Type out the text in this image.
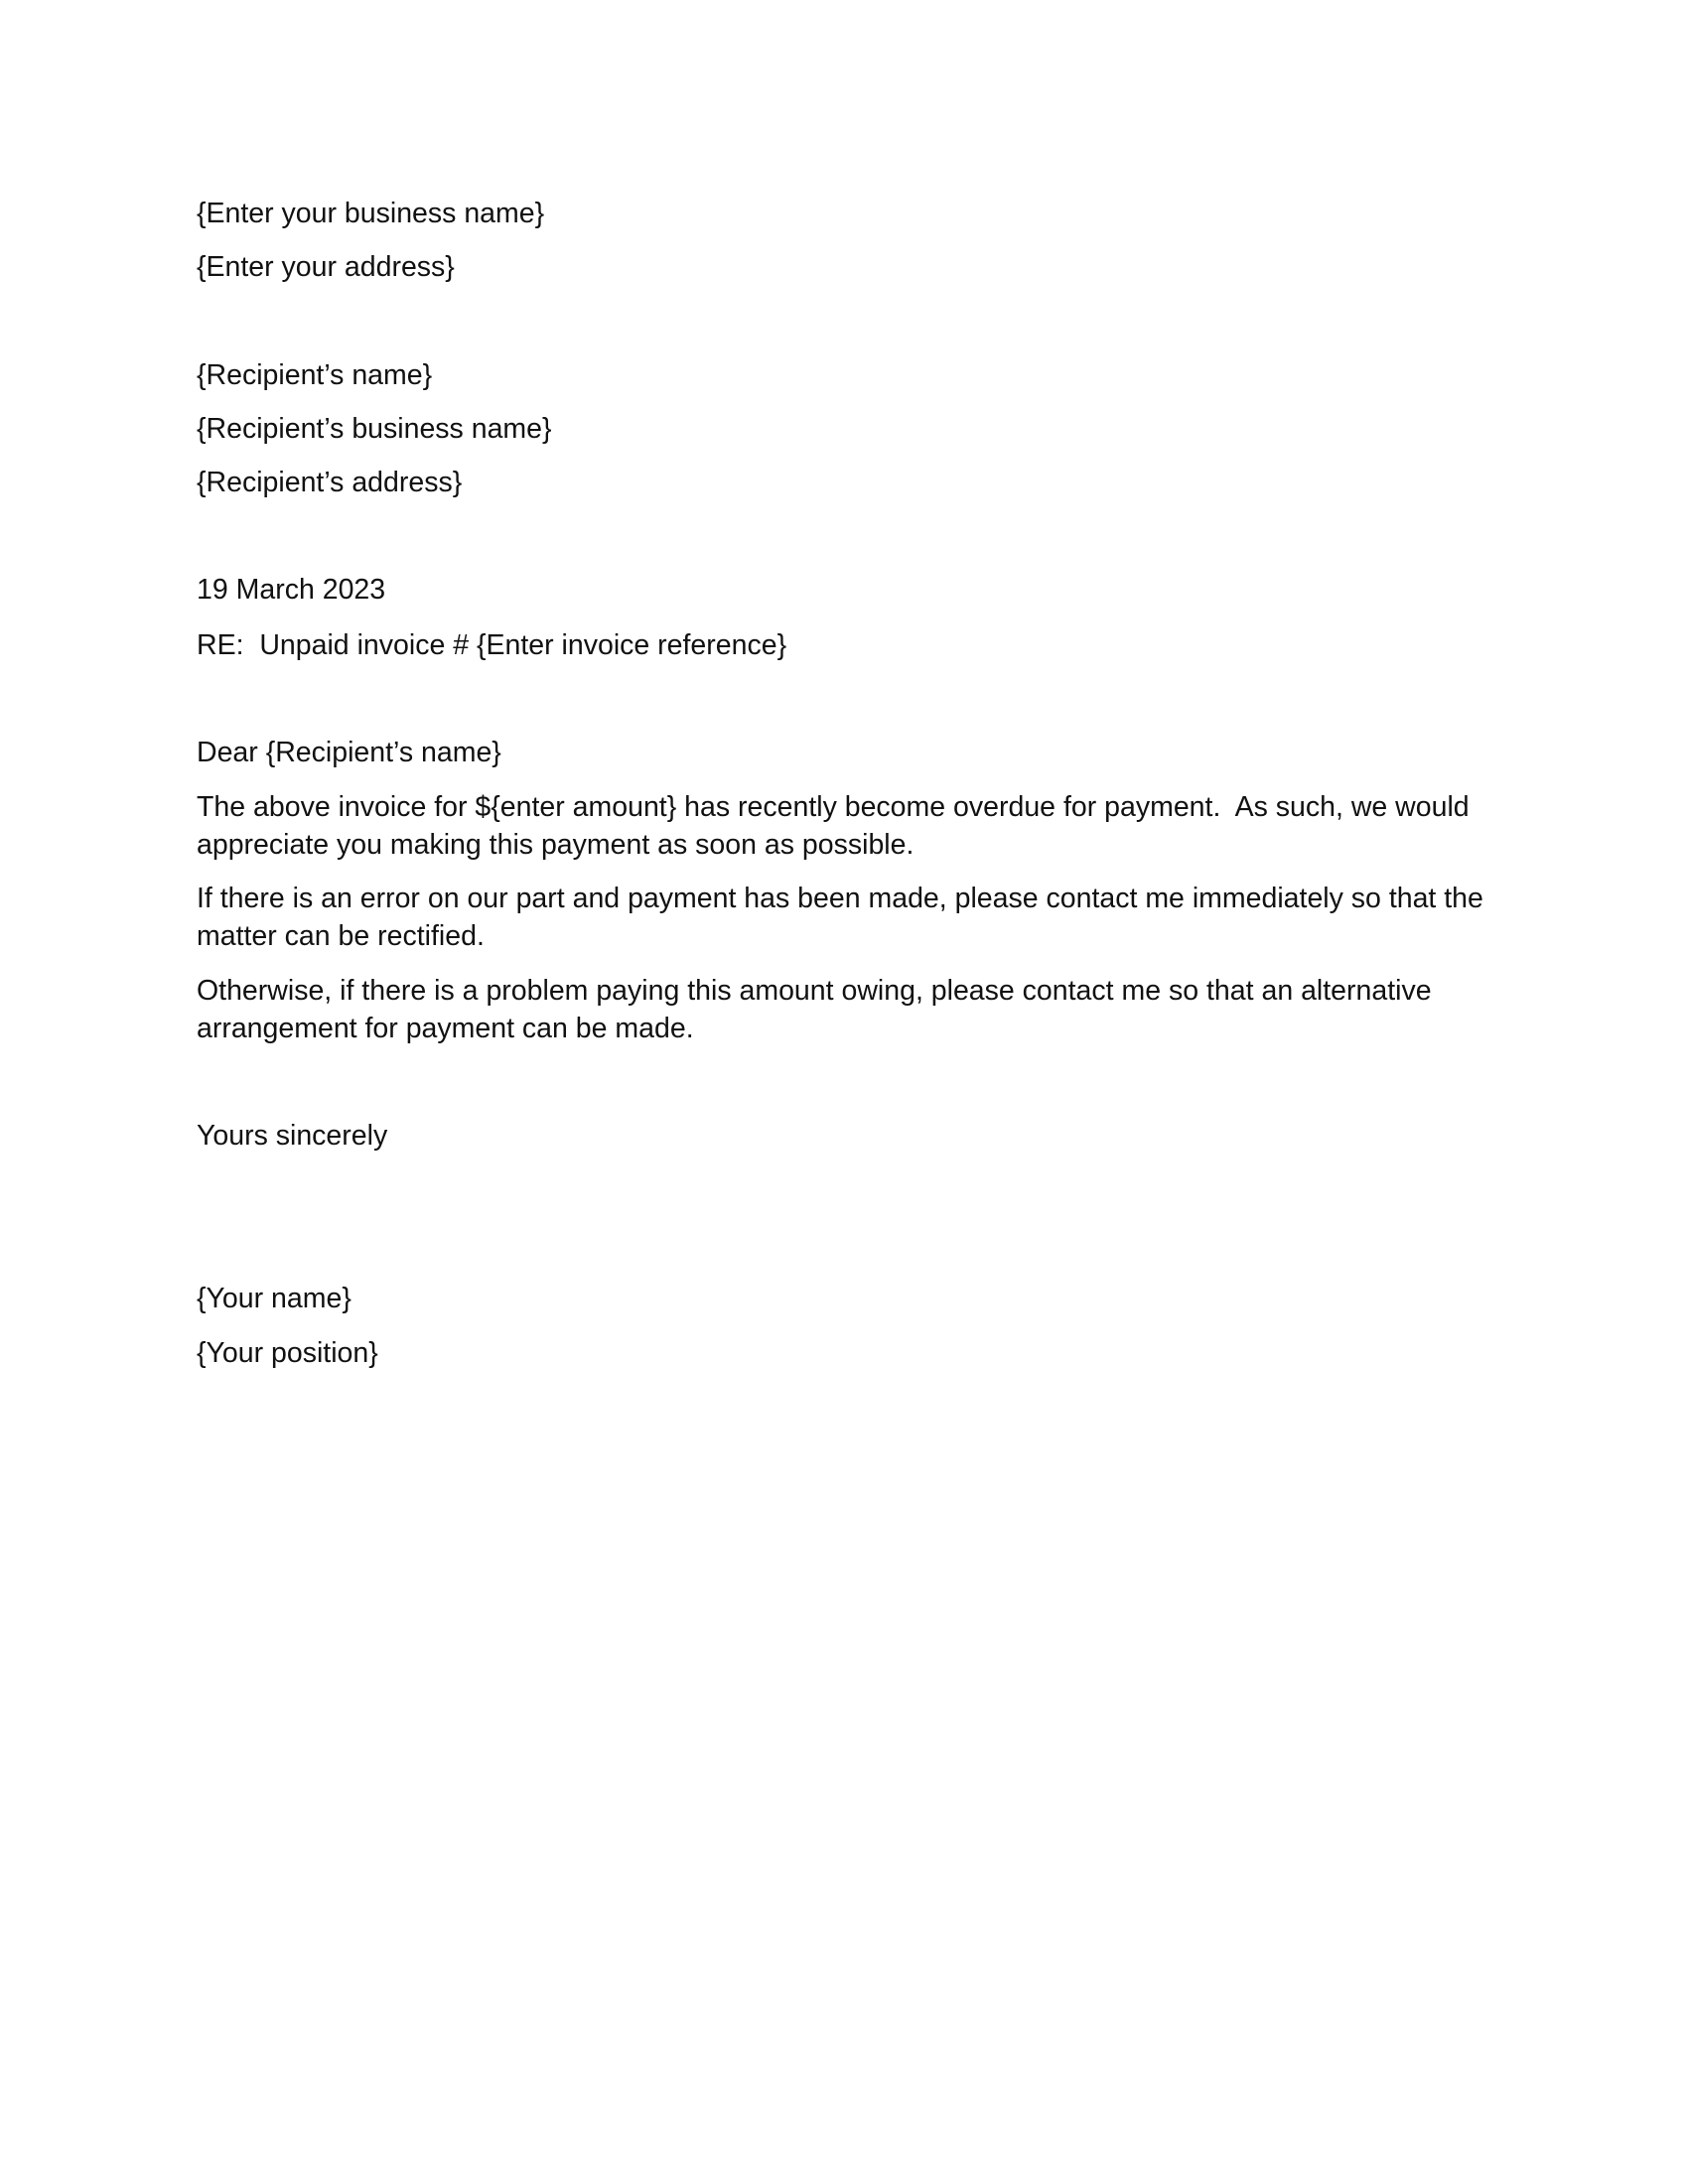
{Enter your business name}
{Enter your address}
{Recipient’s name}
{Recipient’s business name}
{Recipient’s address}
19 March 2023
RE:  Unpaid invoice # {Enter invoice reference}
Dear {Recipient’s name}
The above invoice for ${enter amount} has recently become overdue for payment.  As such, we would
appreciate you making this payment as soon as possible.
If there is an error on our part and payment has been made, please contact me immediately so that the
matter can be rectified.
Otherwise, if there is a problem paying this amount owing, please contact me so that an alternative
arrangement for payment can be made.
Yours sincerely
{Your name}
{Your position}
